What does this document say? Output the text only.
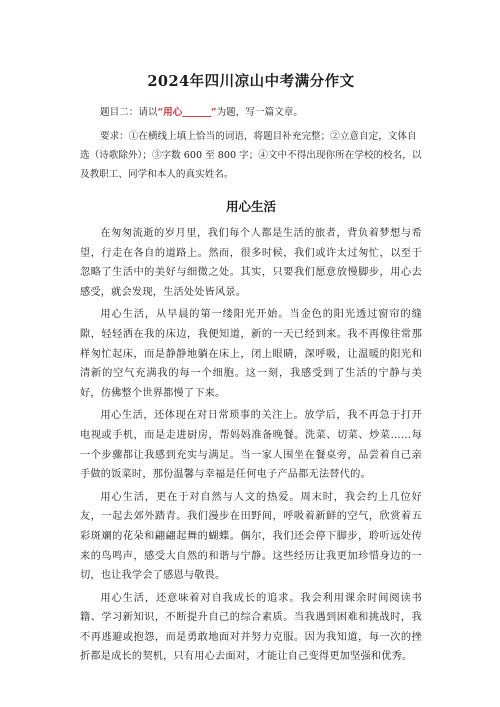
2024年四川凉山中考满分作文

题目二：请以“用心______”为题，写一篇文章。

要求：①在横线上填上恰当的词语，将题目补充完整；②立意自定，文体自选（诗歌除外）；③字数 600 至 800 字；④文中不得出现你所在学校的校名，以及教职工、同学和本人的真实姓名。

用心生活

在匆匆流逝的岁月里，我们每个人都是生活的旅者，背负着梦想与希望，行走在各自的道路上。然而，很多时候，我们或许太过匆忙，以至于忽略了生活中的美好与细微之处。其实，只要我们愿意放慢脚步，用心去感受，就会发现，生活处处皆风景。

用心生活，从早晨的第一缕阳光开始。当金色的阳光透过窗帘的缝隙，轻轻洒在我的床边，我便知道，新的一天已经到来。我不再像往常那样匆忙起床，而是静静地躺在床上，闭上眼睛，深呼吸，让温暖的阳光和清新的空气充满我的每一个细胞。这一刻，我感受到了生活的宁静与美好，仿佛整个世界都慢了下来。

用心生活，还体现在对日常琐事的关注上。放学后，我不再急于打开电视或手机，而是走进厨房，帮妈妈准备晚餐。洗菜、切菜、炒菜……每一个步骤都让我感到充实与满足。当一家人围坐在餐桌旁，品尝着自己亲手做的饭菜时，那份温馨与幸福是任何电子产品都无法替代的。

用心生活，更在于对自然与人文的热爱。周末时，我会约上几位好友，一起去郊外踏青。我们漫步在田野间，呼吸着新鲜的空气，欣赏着五彩斑斓的花朵和翩翩起舞的蝴蝶。偶尔，我们还会停下脚步，聆听远处传来的鸟鸣声，感受大自然的和谐与宁静。这些经历让我更加珍惜身边的一切，也让我学会了感恩与敬畏。

用心生活，还意味着对自我成长的追求。我会利用课余时间阅读书籍、学习新知识，不断提升自己的综合素质。当我遇到困难和挑战时，我不再逃避或抱怨，而是勇敢地面对并努力克服。因为我知道，每一次的挫折都是成长的契机，只有用心去面对，才能让自己变得更加坚强和优秀。
